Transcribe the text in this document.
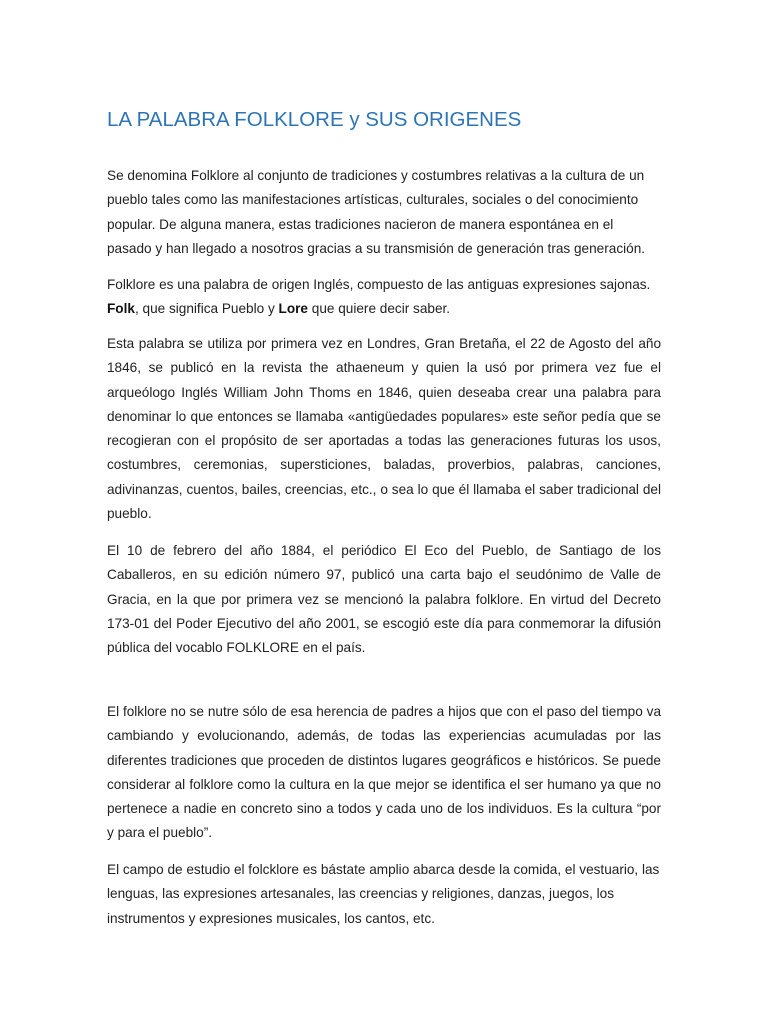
LA PALABRA FOLKLORE y SUS ORIGENES

Se denomina Folklore al conjunto de tradiciones y costumbres relativas a la cultura de un pueblo tales como las manifestaciones artísticas, culturales, sociales o del conocimiento popular. De alguna manera, estas tradiciones nacieron de manera espontánea en el pasado y han llegado a nosotros gracias a su transmisión de generación tras generación.

Folklore es una palabra de origen Inglés, compuesto de las antiguas expresiones sajonas.
Folk, que significa Pueblo y Lore que quiere decir saber.

Esta palabra se utiliza por primera vez en Londres, Gran Bretaña, el 22 de Agosto del año 1846, se publicó en la revista the athaeneum y quien la usó por primera vez fue el arqueólogo Inglés William John Thoms en 1846, quien deseaba crear una palabra para denominar lo que entonces se llamaba «antigüedades populares» este señor pedía que se recogieran con el propósito de ser aportadas a todas las generaciones futuras los usos, costumbres, ceremonias, supersticiones, baladas, proverbios, palabras, canciones, adivinanzas, cuentos, bailes, creencias, etc., o sea lo que él llamaba el saber tradicional del pueblo.

El 10 de febrero del año 1884, el periódico El Eco del Pueblo, de Santiago de los Caballeros, en su edición número 97, publicó una carta bajo el seudónimo de Valle de Gracia, en la que por primera vez se mencionó la palabra folklore. En virtud del Decreto 173-01 del Poder Ejecutivo del año 2001, se escogió este día para conmemorar la difusión pública del vocablo FOLKLORE en el país.

El folklore no se nutre sólo de esa herencia de padres a hijos que con el paso del tiempo va cambiando y evolucionando, además, de todas las experiencias acumuladas por las diferentes tradiciones que proceden de distintos lugares geográficos e históricos. Se puede considerar al folklore como la cultura en la que mejor se identifica el ser humano ya que no pertenece a nadie en concreto sino a todos y cada uno de los individuos. Es la cultura “por y para el pueblo”.

El campo de estudio el folcklore es bástate amplio abarca desde la comida, el vestuario, las lenguas, las expresiones artesanales, las creencias y religiones, danzas, juegos, los instrumentos y expresiones musicales, los cantos, etc.
